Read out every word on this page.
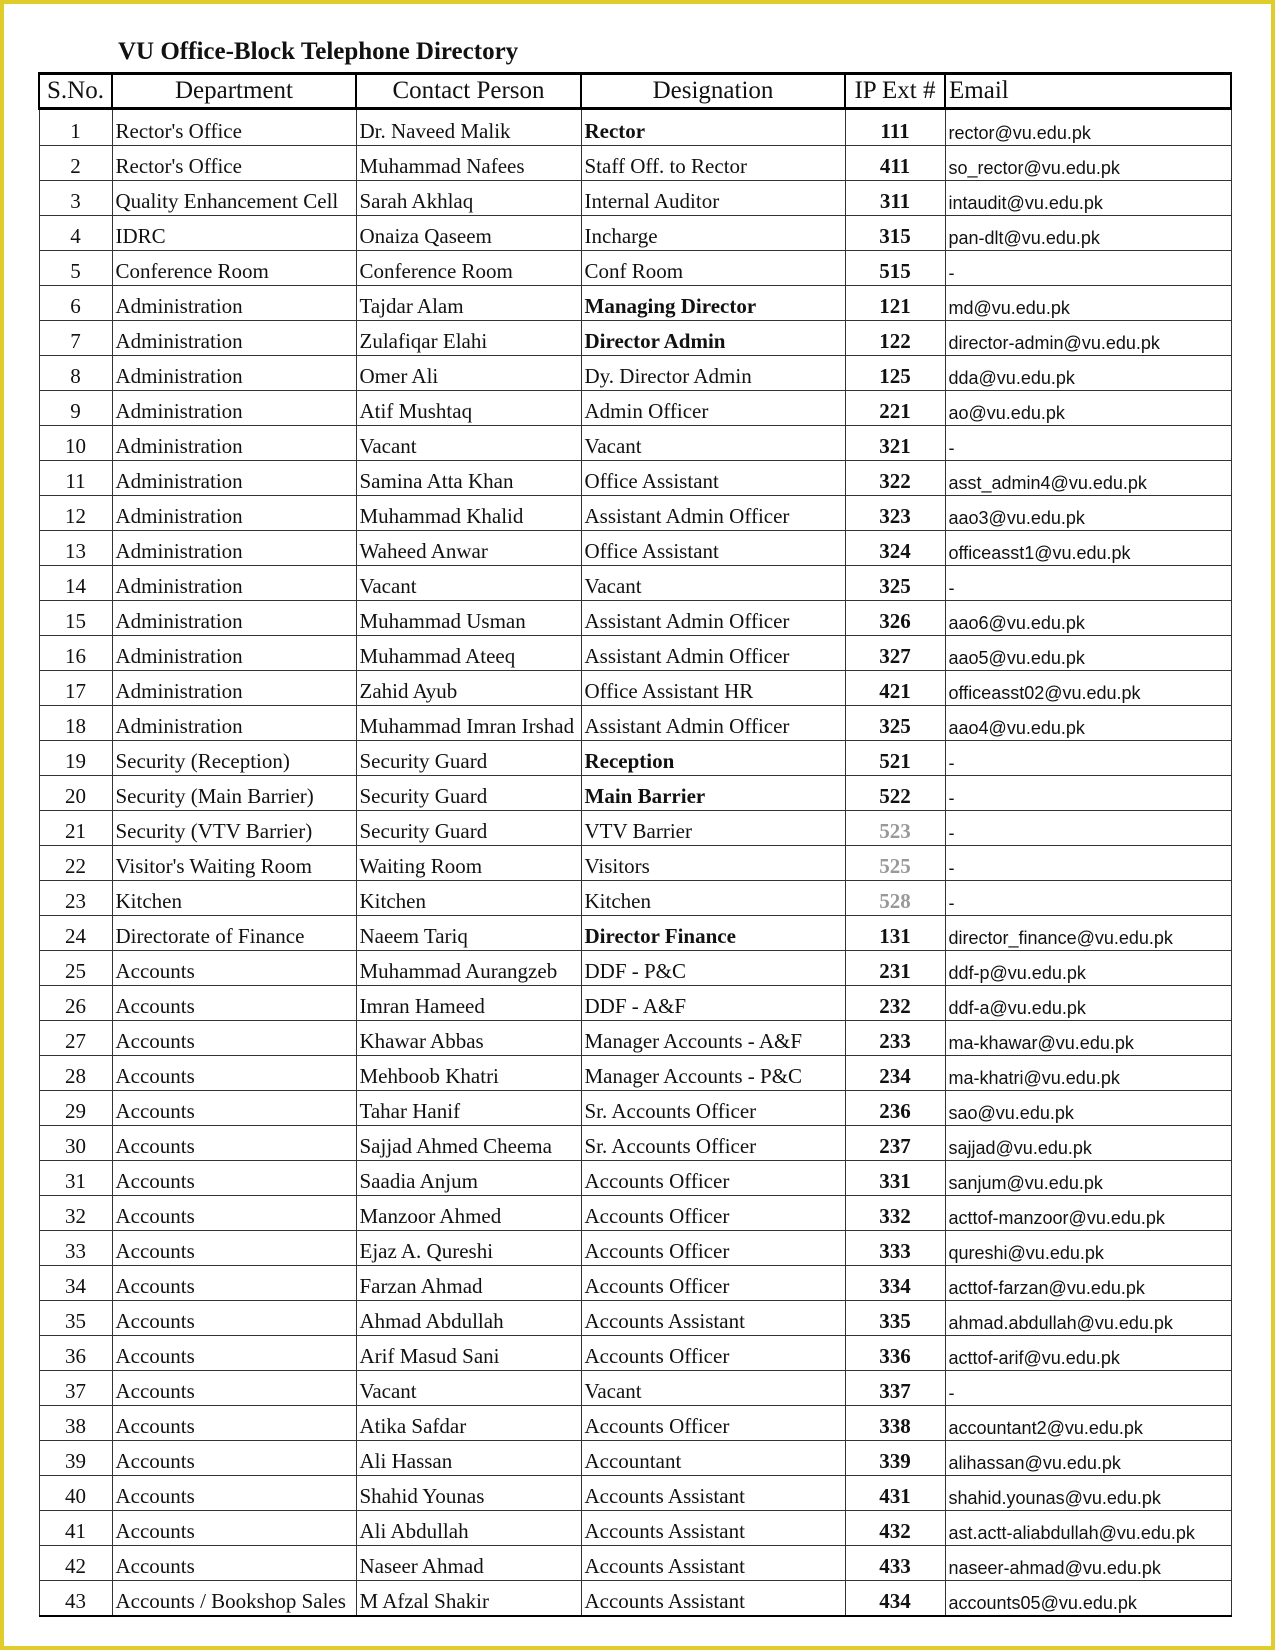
VU Office-Block Telephone Directory
S.No.	Department	Contact Person	Designation	IP Ext #	Email
1	Rector's Office	Dr. Naveed Malik	Rector	111	rector@vu.edu.pk
2	Rector's Office	Muhammad Nafees	Staff Off. to Rector	411	so_rector@vu.edu.pk
3	Quality Enhancement Cell	Sarah Akhlaq	Internal Auditor	311	intaudit@vu.edu.pk
4	IDRC	Onaiza Qaseem	Incharge	315	pan-dlt@vu.edu.pk
5	Conference Room	Conference Room	Conf Room	515	-
6	Administration	Tajdar Alam	Managing Director	121	md@vu.edu.pk
7	Administration	Zulafiqar Elahi	Director Admin	122	director-admin@vu.edu.pk
8	Administration	Omer Ali	Dy. Director Admin	125	dda@vu.edu.pk
9	Administration	Atif Mushtaq	Admin Officer	221	ao@vu.edu.pk
10	Administration	Vacant	Vacant	321	-
11	Administration	Samina Atta Khan	Office Assistant	322	asst_admin4@vu.edu.pk
12	Administration	Muhammad Khalid	Assistant Admin Officer	323	aao3@vu.edu.pk
13	Administration	Waheed Anwar	Office Assistant	324	officeasst1@vu.edu.pk
14	Administration	Vacant	Vacant	325	-
15	Administration	Muhammad Usman	Assistant Admin Officer	326	aao6@vu.edu.pk
16	Administration	Muhammad Ateeq	Assistant Admin Officer	327	aao5@vu.edu.pk
17	Administration	Zahid Ayub	Office Assistant HR	421	officeasst02@vu.edu.pk
18	Administration	Muhammad Imran Irshad	Assistant Admin Officer	325	aao4@vu.edu.pk
19	Security (Reception)	Security Guard	Reception	521	-
20	Security (Main Barrier)	Security Guard	Main Barrier	522	-
21	Security (VTV Barrier)	Security Guard	VTV Barrier	523	-
22	Visitor's Waiting Room	Waiting Room	Visitors	525	-
23	Kitchen	Kitchen	Kitchen	528	-
24	Directorate of Finance	Naeem Tariq	Director Finance	131	director_finance@vu.edu.pk
25	Accounts	Muhammad Aurangzeb	DDF - P&C	231	ddf-p@vu.edu.pk
26	Accounts	Imran Hameed	DDF - A&F	232	ddf-a@vu.edu.pk
27	Accounts	Khawar Abbas	Manager Accounts - A&F	233	ma-khawar@vu.edu.pk
28	Accounts	Mehboob Khatri	Manager Accounts - P&C	234	ma-khatri@vu.edu.pk
29	Accounts	Tahar Hanif	Sr. Accounts Officer	236	sao@vu.edu.pk
30	Accounts	Sajjad Ahmed Cheema	Sr. Accounts Officer	237	sajjad@vu.edu.pk
31	Accounts	Saadia Anjum	Accounts Officer	331	sanjum@vu.edu.pk
32	Accounts	Manzoor Ahmed	Accounts Officer	332	acttof-manzoor@vu.edu.pk
33	Accounts	Ejaz A. Qureshi	Accounts Officer	333	qureshi@vu.edu.pk
34	Accounts	Farzan Ahmad	Accounts Officer	334	acttof-farzan@vu.edu.pk
35	Accounts	Ahmad Abdullah	Accounts Assistant	335	ahmad.abdullah@vu.edu.pk
36	Accounts	Arif Masud Sani	Accounts Officer	336	acttof-arif@vu.edu.pk
37	Accounts	Vacant	Vacant	337	-
38	Accounts	Atika Safdar	Accounts Officer	338	accountant2@vu.edu.pk
39	Accounts	Ali Hassan	Accountant	339	alihassan@vu.edu.pk
40	Accounts	Shahid Younas	Accounts Assistant	431	shahid.younas@vu.edu.pk
41	Accounts	Ali Abdullah	Accounts Assistant	432	ast.actt-aliabdullah@vu.edu.pk
42	Accounts	Naseer Ahmad	Accounts Assistant	433	naseer-ahmad@vu.edu.pk
43	Accounts / Bookshop Sales	M Afzal Shakir	Accounts Assistant	434	accounts05@vu.edu.pk
